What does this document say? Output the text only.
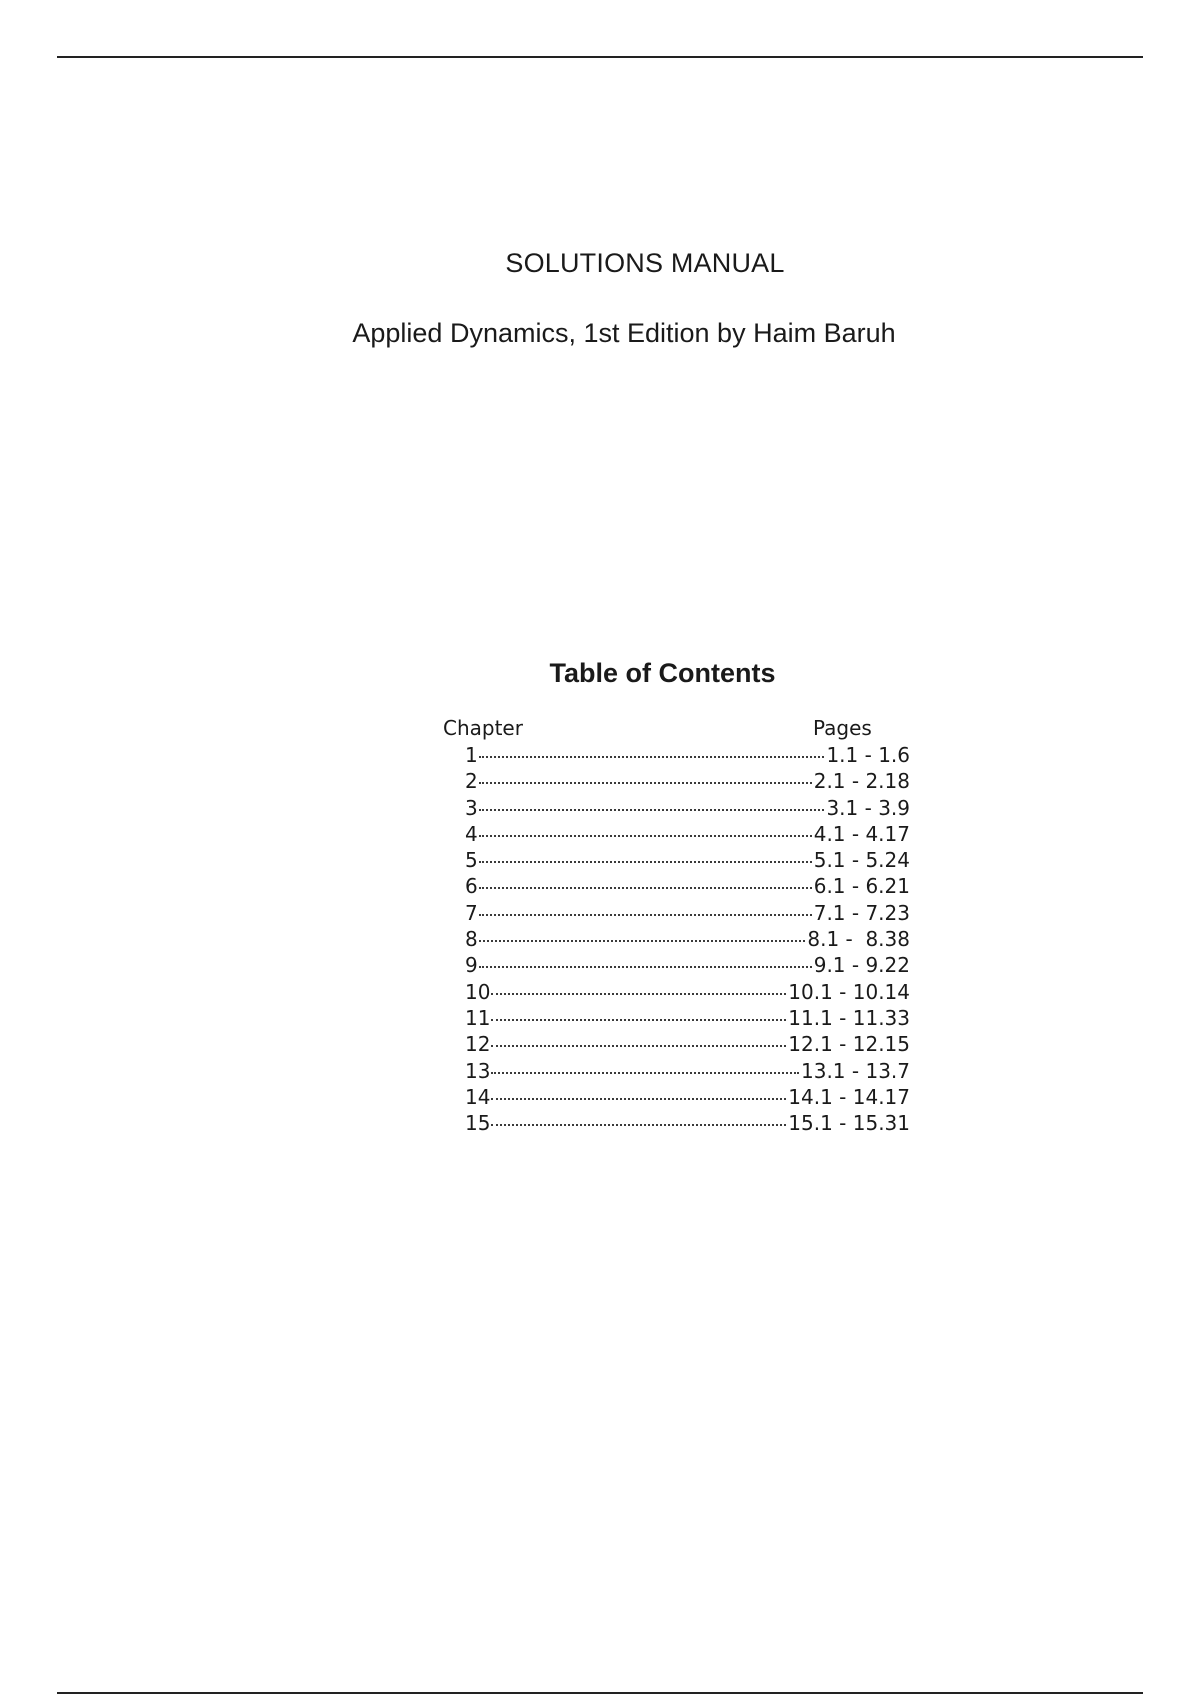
SOLUTIONS MANUAL
Applied Dynamics, 1st Edition by Haim Baruh
Table of Contents
Chapter	Pages
1	1.1 - 1.6
2	2.1 - 2.18
3	3.1 - 3.9
4	4.1 - 4.17
5	5.1 - 5.24
6	6.1 - 6.21
7	7.1 - 7.23
8	8.1 -  8.38
9	9.1 - 9.22
10	10.1 - 10.14
11	11.1 - 11.33
12	12.1 - 12.15
13	13.1 - 13.7
14	14.1 - 14.17
15	15.1 - 15.31
